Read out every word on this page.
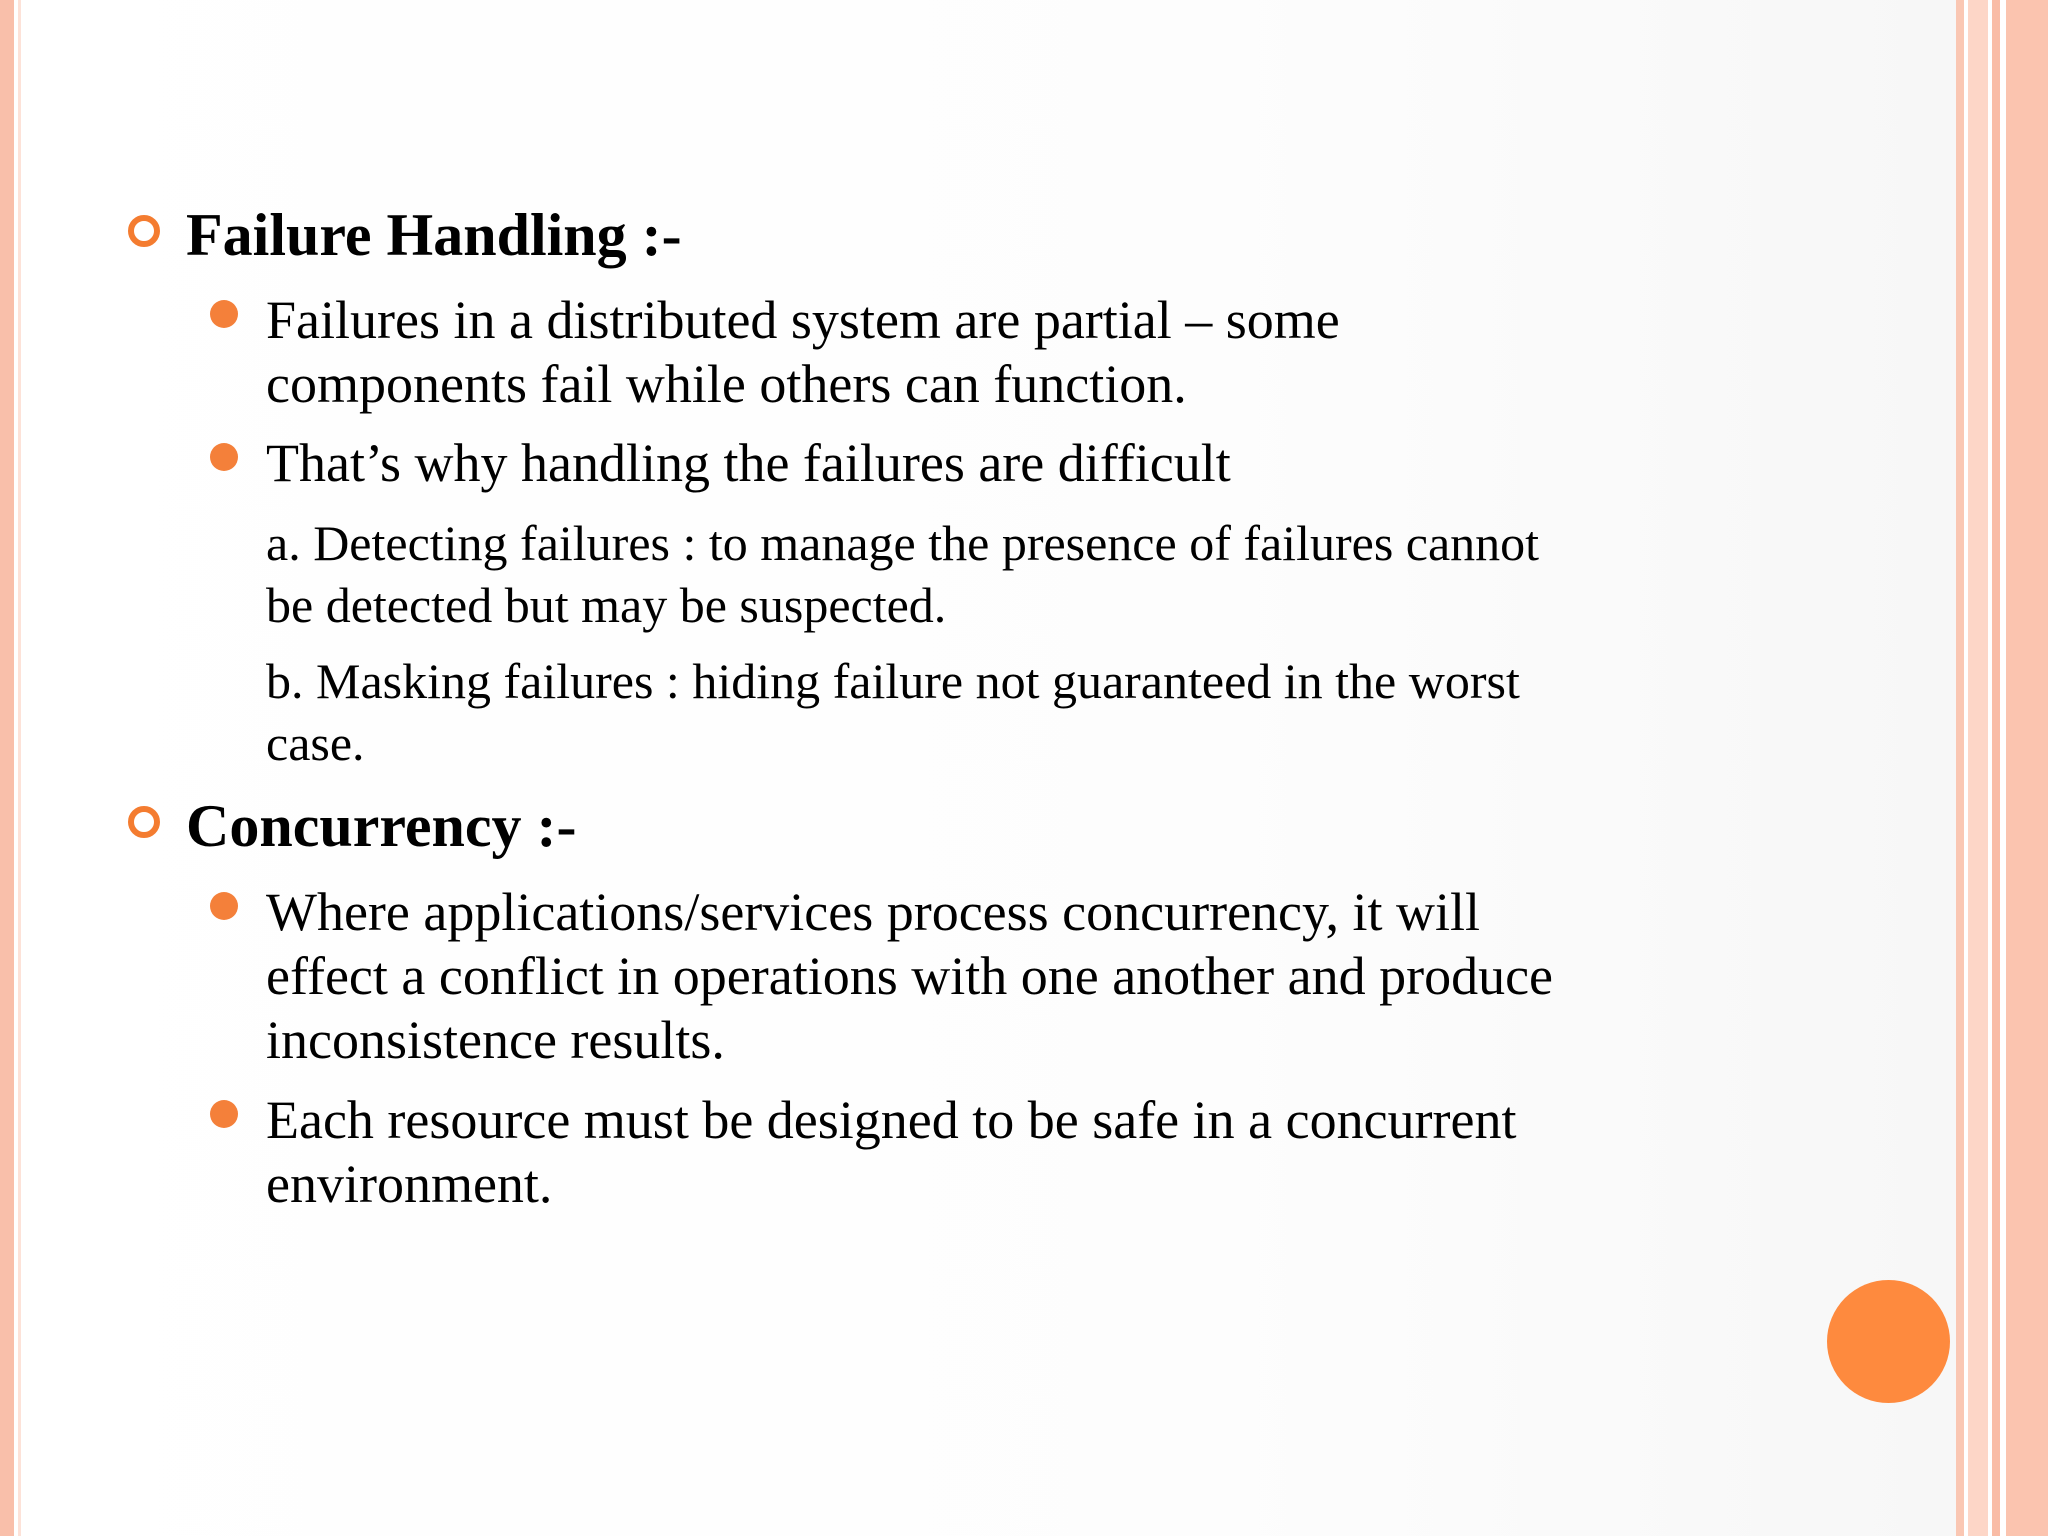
Failure Handling :-
Failures in a distributed system are partial – some
components fail while others can function.
That’s why handling the failures are difficult
a. Detecting failures : to manage the presence of failures cannot
be detected but may be suspected.
b. Masking failures : hiding failure not guaranteed in the worst
case.
Concurrency :-
Where applications/services process concurrency, it will
effect a conflict in operations with one another and produce
inconsistence results.
Each resource must be designed to be safe in a concurrent
environment.
